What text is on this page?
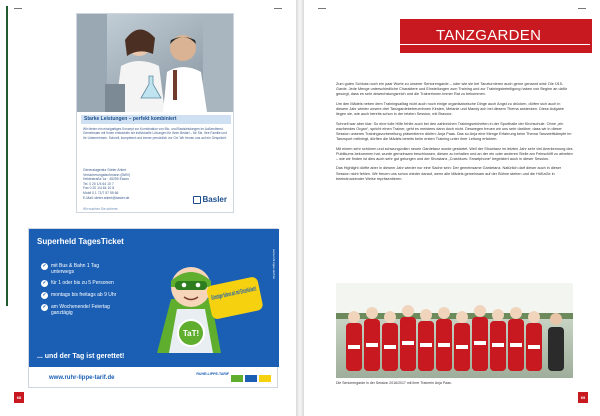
Starke Leistungen – perfekt kombiniert
Wir bieten ein einzigartiges Konzept zur Kombination von Bio- und Basisleistungen im Außendienst. Gemeinsam mit Ihnen entwickeln wir individuelle Lösungen für Ihren Bedarf – für Sie, Ihre Familie und Ihr Unternehmen. Schnell, kompetent und immer persönlich vor Ort. Wir freuen uns auf ein Gespräch!
Generalagentur Dieter Ahlert
Versicherungsfachmann (BWV)
Heidestraße 1a · 45259 Essen
Tel. 0 20 1/4 64 10 7
Fax 0 20 1/4 64 10 8
Mobil 0 1 71/7 57 55 66
E-Mail: dieter.ahlert@basler.de
Wir machen Sie sicherer.
Basler
Superheld TagesTicket
✓ mit Bus & Bahn 1 Tag unterwegs
✓ für 1 oder bis zu 5 Personen
✓ montags bis freitags ab 9 Uhr
✓ am Wochenende/ Feiertag ganztägig
TaT!
... und der Tag ist gerettet!
www.ruhr-lippe-tarif.de
www.ruhr-lippe-tarif.de
RUHR-LIPPE-TARIF
68
TANZGARDEN

Zum guten Schluss noch ein paar Worte zu unserer Seniorengarde – oder wie sie bei Tanzturnieren auch gerne genannt wird: Die Ü15-Garde. Jede Menge unterschiedliche Charaktere und Einstellungen zum Training und zur Trainingsbeteiligung haben von Beginn an dafür gesorgt, dass es sehr abwechslungsreich und die Trainerinnen immer Rat zu bekommen.

Um den Mädels neben dem Trainingsalltag nicht auch noch einige organisatorische Dinge auch Angst zu drücken, dürfen sich auch in diesem Jahr wieder unsere drei Tanzgardebetreuerinnen Kirsten, Melanie und Mandy ach bei diesem Thema anstecken. Diese Aufgabe liegen sie, wie auch bereits schon in der letzten Session, mit Bravour.

Schnell war aber klar: So eine tolle Hilfe fehlte auch bei den zahlreichen Trainingseinheiten in der Sporthalle der Kirchschule. Ohne „ein wachendes Organ“, spricht einen Trainer, geht es meistens dann doch nicht. Deswegen freuen wir uns sehr darüber, dass wir in dieser Session unseres Trainingsvorbereitung präsentieren dürfen: Anja Paas. Das so Anja eine Menge Erfahrung beim Thema Tanzwettkämpfe im Tanzsport mitbringt, dürften die Mädels bereits beim ersten Training unter ihrer Leitung erfahren.

Mit einem sehr schönen und schwungvollen neuen Gardetanz wurde gestartet. Weil der Showtanz im letzten Jahr sehr viel Anerkennung des Publikums bekommen hat, wurde gemeinsam beschlossen, diesen zu behalten und an der ein oder anderen Stelle am Feinschliff zu arbeiten – wie wir finden ist dies auch sehr gut gelungen und der Showtanz „Crashkurs: Smartphone“ begeistert auch in dieser Session.

Das Highlight dürfte aber in diesem Jahr wieder nur eine Sache sein: Der gemeinsame Gardetanz. Natürlich darf dieser auch in dieser Session nicht fehlen. Wir freuen uns schon wieder darauf, wenn alle Mädels gemeinsam auf der Bühne stehen und die HöKaGe in beeindruckender Weise repräsentieren.

Die Seniorengarde in der Session 2016/2017 mit ihrer Trainerin Anja Paas.
69
